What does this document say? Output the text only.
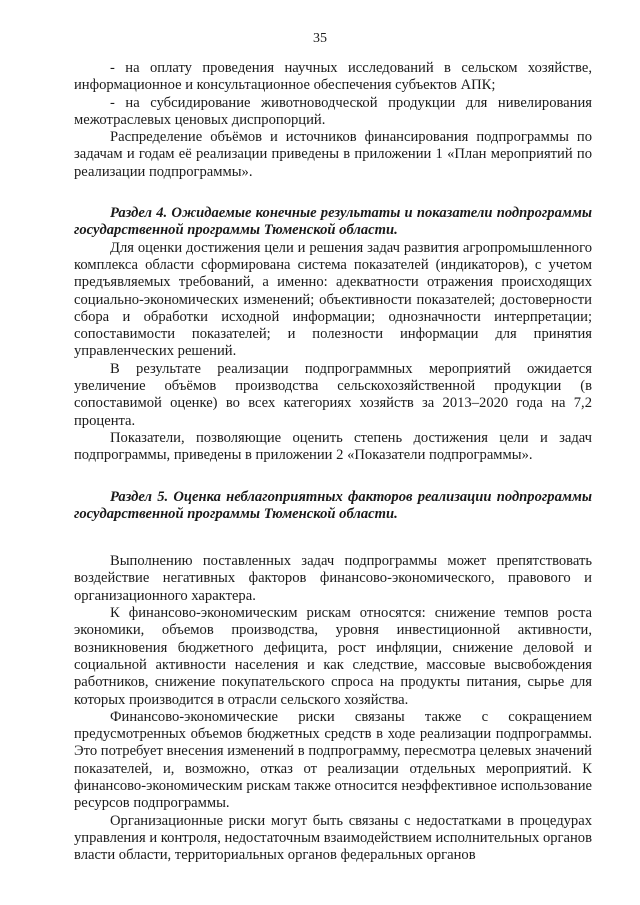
35

- на оплату проведения научных исследований в сельском хозяйстве, информационное и консультационное обеспечения субъектов АПК;

- на субсидирование животноводческой продукции для нивелирования межотраслевых ценовых диспропорций.

Распределение объёмов и источников финансирования подпрограммы по задачам и годам её реализации приведены в приложении 1 «План мероприятий по реализации подпрограммы».

Раздел 4. Ожидаемые конечные результаты и показатели подпрограммы государственной программы Тюменской области.

Для оценки достижения цели и решения задач развития агропромышленного комплекса области сформирована система показателей (индикаторов), с учетом предъявляемых требований, а именно: адекватности отражения происходящих социально-экономических изменений; объективности показателей; достоверности сбора и обработки исходной информации; однозначности интерпретации; сопоставимости показателей; и полезности информации для принятия управленческих решений.

В результате реализации подпрограммных мероприятий ожидается увеличение объёмов производства сельскохозяйственной продукции (в сопоставимой оценке) во всех категориях хозяйств за 2013–2020 года на 7,2 процента.

Показатели, позволяющие оценить степень достижения цели и задач подпрограммы, приведены в приложении 2 «Показатели подпрограммы».

Раздел 5. Оценка неблагоприятных факторов реализации подпрограммы государственной программы Тюменской области.

Выполнению поставленных задач подпрограммы может препятствовать воздействие негативных факторов финансово-экономического, правового и организационного характера.

К финансово-экономическим рискам относятся: снижение темпов роста экономики, объемов производства, уровня инвестиционной активности, возникновения бюджетного дефицита, рост инфляции, снижение деловой и социальной активности населения и как следствие, массовые высвобождения работников, снижение покупательского спроса на продукты питания, сырье для которых производится в отрасли сельского хозяйства.

Финансово-экономические риски связаны также с сокращением предусмотренных объемов бюджетных средств в ходе реализации подпрограммы. Это потребует внесения изменений в подпрограмму, пересмотра целевых значений показателей, и, возможно, отказ от реализации отдельных мероприятий. К финансово-экономическим рискам также относится неэффективное использование ресурсов подпрограммы.

Организационные риски могут быть связаны с недостатками в процедурах управления и контроля, недостаточным взаимодействием исполнительных органов власти области, территориальных органов федеральных органов
